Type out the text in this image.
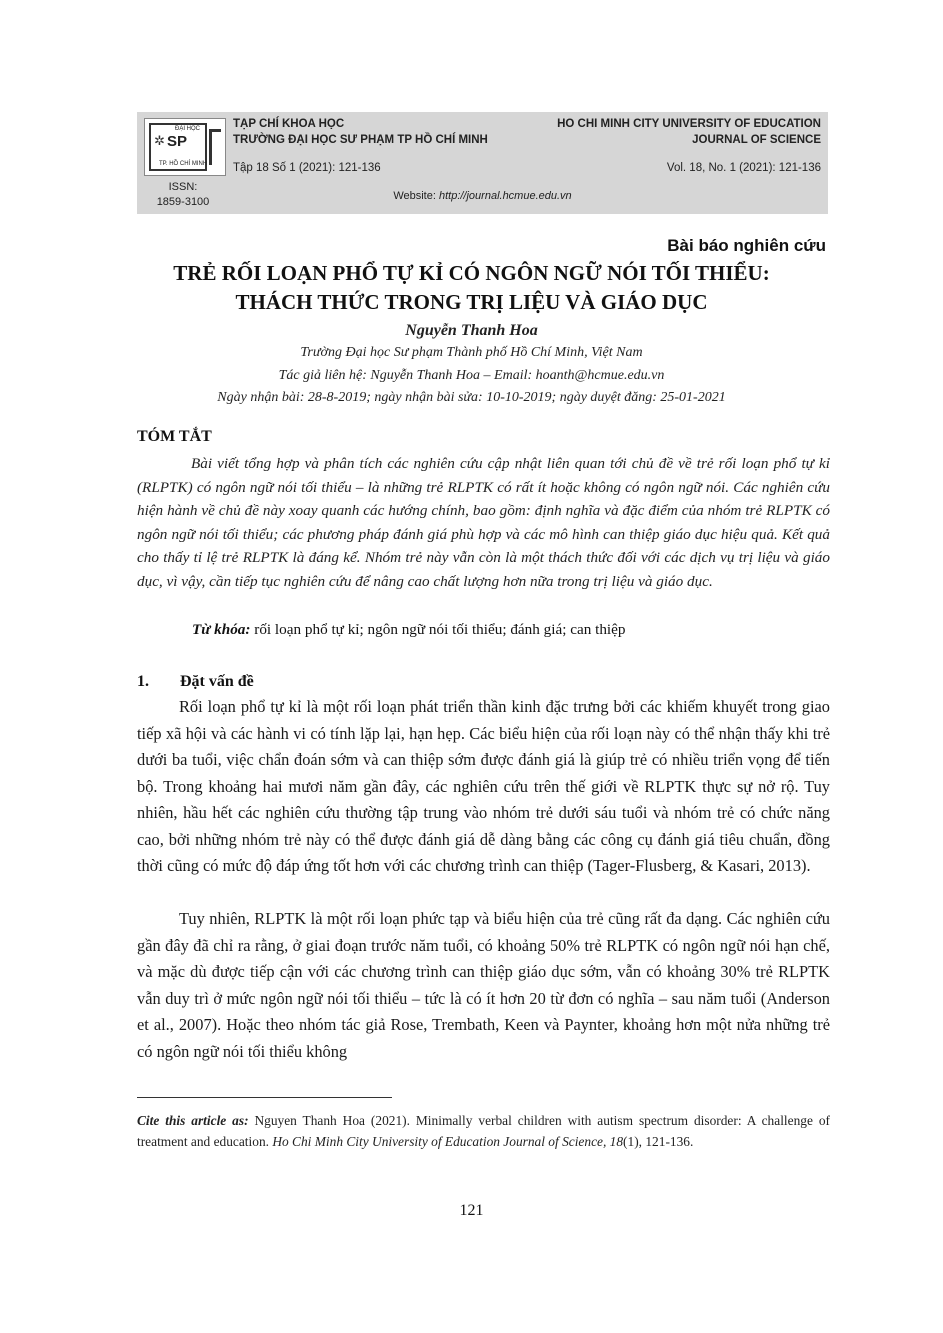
✲
ĐẠI HỌC
SP
TP. HỒ CHÍ MINH
TẠP CHÍ KHOA HỌC
TRƯỜNG ĐẠI HỌC SƯ PHẠM TP HỒ CHÍ MINH
Tập 18 Số 1 (2021): 121-136
HO CHI MINH CITY UNIVERSITY OF EDUCATION
JOURNAL OF SCIENCE
Vol. 18, No. 1 (2021): 121-136
ISSN:
1859-3100	Website: http://journal.hcmue.edu.vn
Bài báo nghiên cứu
TRẺ RỐI LOẠN PHỔ TỰ KỈ CÓ NGÔN NGỮ NÓI TỐI THIỂU:
THÁCH THỨC TRONG TRỊ LIỆU VÀ GIÁO DỤC
Nguyễn Thanh Hoa
Trường Đại học Sư phạm Thành phố Hồ Chí Minh, Việt Nam
Tác giả liên hệ: Nguyễn Thanh Hoa – Email: hoanth@hcmue.edu.vn
Ngày nhận bài: 28-8-2019; ngày nhận bài sửa: 10-10-2019; ngày duyệt đăng: 25-01-2021
TÓM TẮT
Bài viết tổng hợp và phân tích các nghiên cứu cập nhật liên quan tới chủ đề về trẻ rối loạn phổ tự kỉ (RLPTK) có ngôn ngữ nói tối thiểu – là những trẻ RLPTK có rất ít hoặc không có ngôn ngữ nói. Các nghiên cứu hiện hành về chủ đề này xoay quanh các hướng chính, bao gồm: định nghĩa và đặc điểm của nhóm trẻ RLPTK có ngôn ngữ nói tối thiểu; các phương pháp đánh giá phù hợp và các mô hình can thiệp giáo dục hiệu quả. Kết quả cho thấy tỉ lệ trẻ RLPTK là đáng kể. Nhóm trẻ này vẫn còn là một thách thức đối với các dịch vụ trị liệu và giáo dục, vì vậy, cần tiếp tục nghiên cứu để nâng cao chất lượng hơn nữa trong trị liệu và giáo dục.
Từ khóa: rối loạn phổ tự kỉ; ngôn ngữ nói tối thiểu; đánh giá; can thiệp
1. Đặt vấn đề
Rối loạn phổ tự kỉ là một rối loạn phát triển thần kinh đặc trưng bởi các khiếm khuyết trong giao tiếp xã hội và các hành vi có tính lặp lại, hạn hẹp. Các biểu hiện của rối loạn này có thể nhận thấy khi trẻ dưới ba tuổi, việc chẩn đoán sớm và can thiệp sớm được đánh giá là giúp trẻ có nhiều triển vọng để tiến bộ. Trong khoảng hai mươi năm gần đây, các nghiên cứu trên thế giới về RLPTK thực sự nở rộ. Tuy nhiên, hầu hết các nghiên cứu thường tập trung vào nhóm trẻ dưới sáu tuổi và nhóm trẻ có chức năng cao, bởi những nhóm trẻ này có thể được đánh giá dễ dàng bằng các công cụ đánh giá tiêu chuẩn, đồng thời cũng có mức độ đáp ứng tốt hơn với các chương trình can thiệp (Tager-Flusberg, & Kasari, 2013).
Tuy nhiên, RLPTK là một rối loạn phức tạp và biểu hiện của trẻ cũng rất đa dạng. Các nghiên cứu gần đây đã chỉ ra rằng, ở giai đoạn trước năm tuổi, có khoảng 50% trẻ RLPTK có ngôn ngữ nói hạn chế, và mặc dù được tiếp cận với các chương trình can thiệp giáo dục sớm, vẫn có khoảng 30% trẻ RLPTK vẫn duy trì ở mức ngôn ngữ nói tối thiểu – tức là có ít hơn 20 từ đơn có nghĩa – sau năm tuổi (Anderson et al., 2007). Hoặc theo nhóm tác giả Rose, Trembath, Keen và Paynter, khoảng hơn một nửa những trẻ có ngôn ngữ nói tối thiểu không
Cite this article as: Nguyen Thanh Hoa (2021). Minimally verbal children with autism spectrum disorder: A challenge of treatment and education. Ho Chi Minh City University of Education Journal of Science, 18(1), 121-136.
121
